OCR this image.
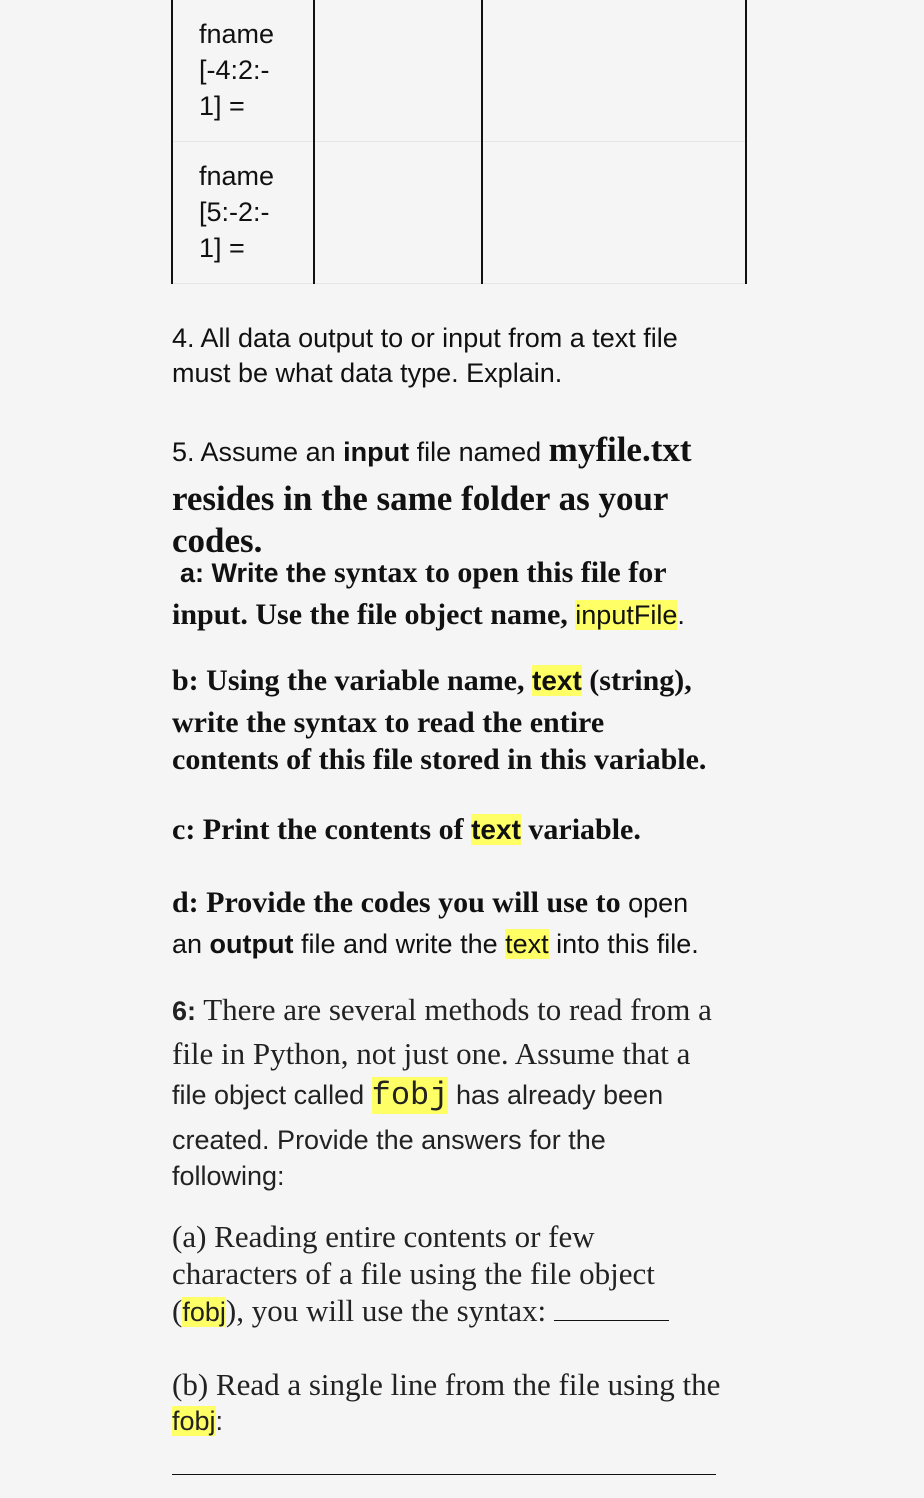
fname
[-4:2:-
1] =		

fname
[5:-2:-
1] =		

4. All data output to or input from a text file
must be what data type. Explain.
5. Assume an input file named myfile.txt
resides in the same folder as your
codes.
a: Write the syntax to open this file for
input. Use the file object name, inputFile.
b: Using the variable name, text (string),
write the syntax to read the entire
contents of this file stored in this variable.
c: Print the contents of text variable.
d: Provide the codes you will use to open
an output file and write the text into this file.
6: There are several methods to read from a
file in Python, not just one. Assume that a
file object called fobj has already been
created. Provide the answers for the
following:
(a) Reading entire contents or few
characters of a file using the file object
(fobj), you will use the syntax:
(b) Read a single line from the file using the
fobj:
